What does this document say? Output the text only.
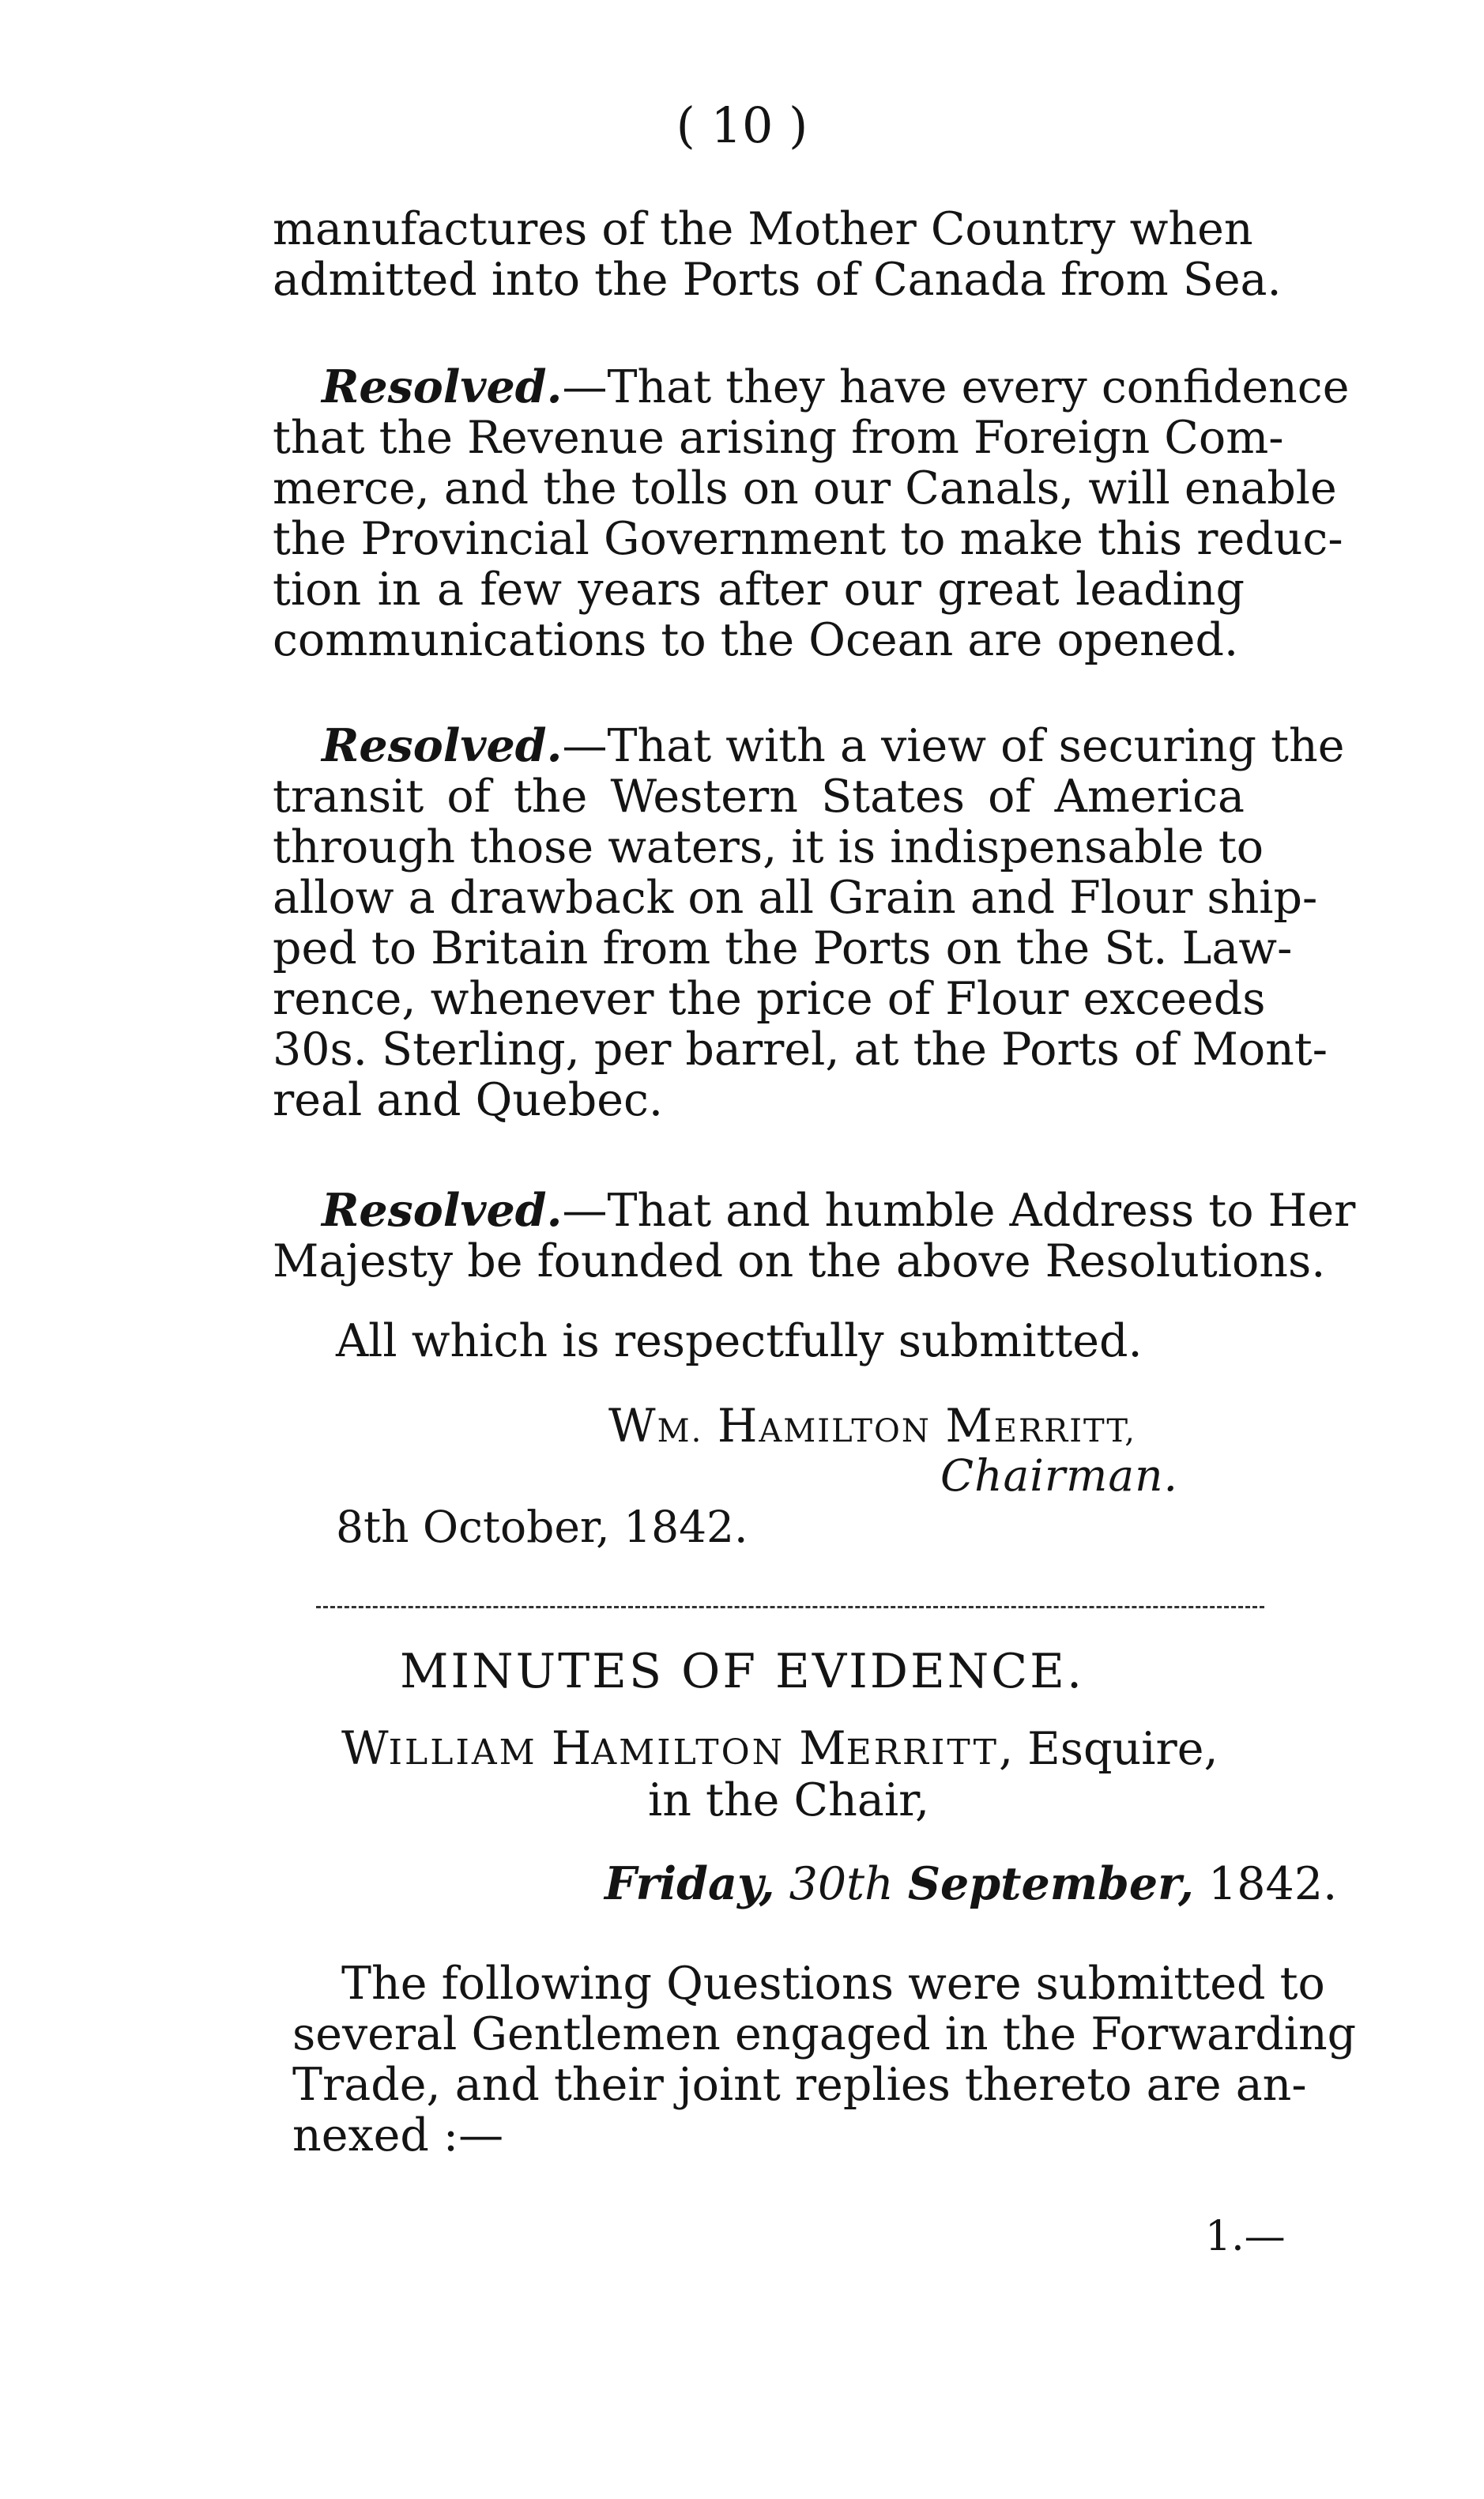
( 10 )

manufactures of the Mother Country when
admitted into the Ports of Canada from Sea.

Resolved.—That they have every confidence
that the Revenue arising from Foreign Com-
merce, and the tolls on our Canals, will enable
the Provincial Government to make this reduc-
tion in a few years after our great leading
communications to the Ocean are opened.

Resolved.—That with a view of securing the
transit of the Western States of America
through those waters, it is indispensable to
allow a drawback on all Grain and Flour ship-
ped to Britain from the Ports on the St. Law-
rence, whenever the price of Flour exceeds
30s. Sterling, per barrel, at the Ports of Mont-
real and Quebec.

Resolved.—That and humble Address to Her
Majesty be founded on the above Resolutions.

All which is respectfully submitted.

WM. HAMILTON MERRITT,
Chairman.
8th October, 1842.
MINUTES OF EVIDENCE.
WILLIAM HAMILTON MERRITT, Esquire,
in the Chair,
Friday, 30th September, 1842.

The following Questions were submitted to
several Gentlemen engaged in the Forwarding
Trade, and their joint replies thereto are an-
nexed :—

1.—
